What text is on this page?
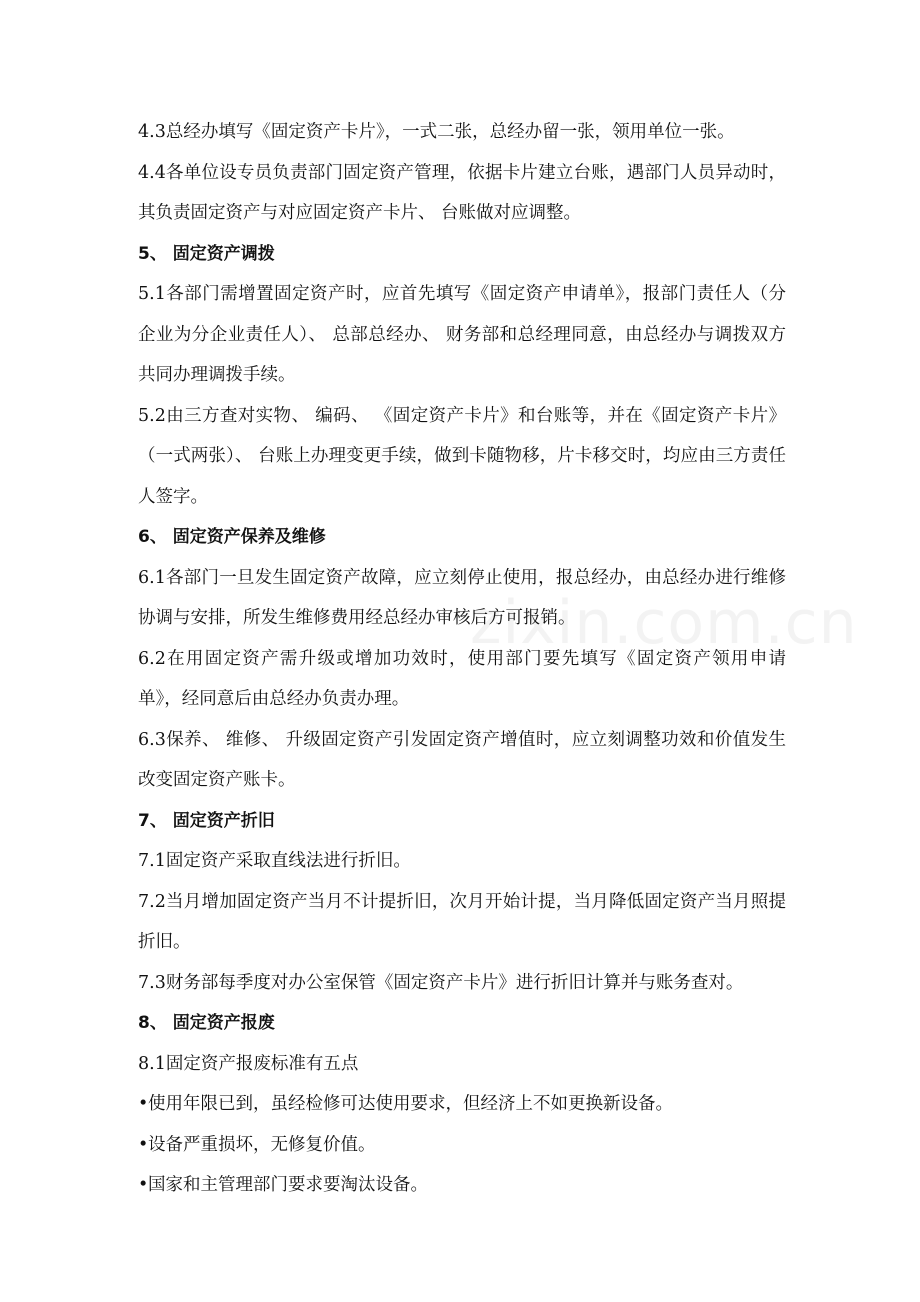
zixin.com.cn
4.3总经办填写《固定资产卡片》，一式二张，总经办留一张，领用单位一张。
4.4各单位设专员负责部门固定资产管理，依据卡片建立台账，遇部门人员异动时，其负责固定资产与对应固定资产卡片、 台账做对应调整。
5、 固定资产调拨
5.1各部门需增置固定资产时，应首先填写《固定资产申请单》，报部门责任人（分企业为分企业责任人）、 总部总经办、 财务部和总经理同意，由总经办与调拨双方共同办理调拨手续。
5.2由三方查对实物、 编码、 《固定资产卡片》和台账等，并在《固定资产卡片》（一式两张）、 台账上办理变更手续，做到卡随物移，片卡移交时，均应由三方责任人签字。
6、 固定资产保养及维修
6.1各部门一旦发生固定资产故障，应立刻停止使用，报总经办，由总经办进行维修协调与安排，所发生维修费用经总经办审核后方可报销。
6.2在用固定资产需升级或增加功效时，使用部门要先填写《固定资产领用申请单》，经同意后由总经办负责办理。
6.3保养、 维修、 升级固定资产引发固定资产增值时，应立刻调整功效和价值发生改变固定资产账卡。
7、 固定资产折旧
7.1固定资产采取直线法进行折旧。
7.2当月增加固定资产当月不计提折旧，次月开始计提，当月降低固定资产当月照提折旧。
7.3财务部每季度对办公室保管《固定资产卡片》进行折旧计算并与账务查对。
8、 固定资产报废
8.1固定资产报废标准有五点
•使用年限已到，虽经检修可达使用要求，但经济上不如更换新设备。
•设备严重损坏，无修复价值。
•国家和主管理部门要求要淘汰设备。
